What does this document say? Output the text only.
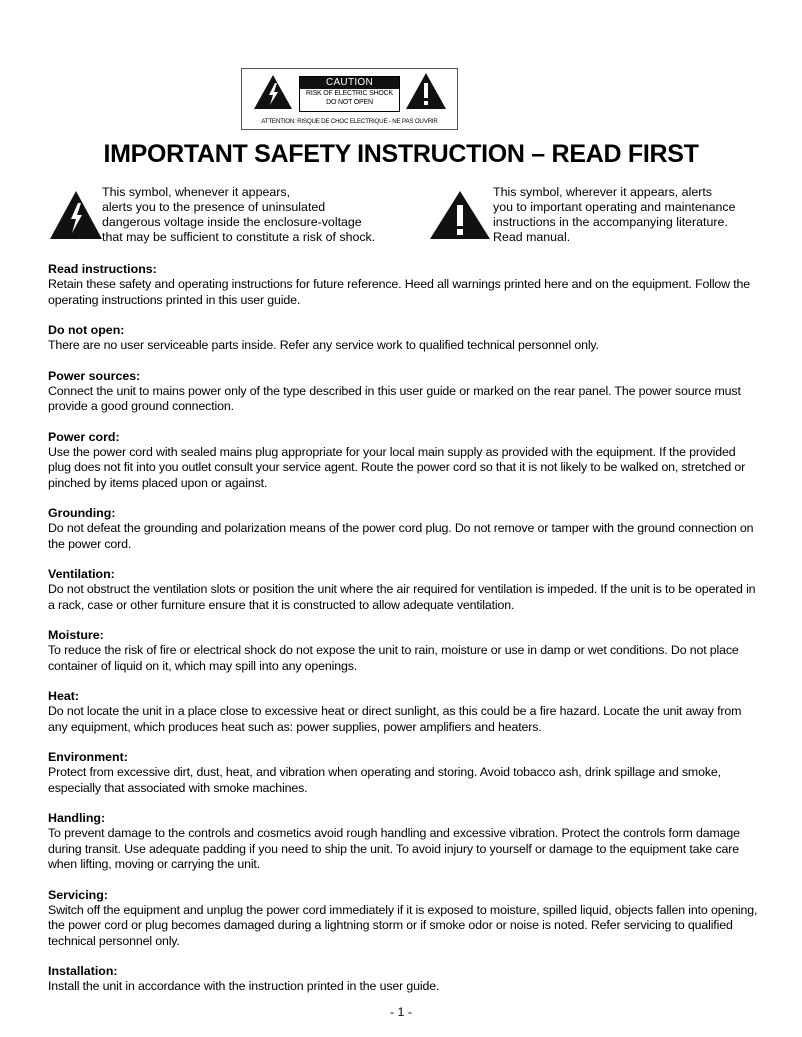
CAUTION
RISK OF ELECTRIC SHOCK
DO NOT OPEN
ATTENTION: RISQUE DE CHOC ELECTRIQUE - NE PAS OUVRIR
IMPORTANT SAFETY INSTRUCTION – READ FIRST
This symbol, whenever it appears,
alerts you to the presence of uninsulated
dangerous voltage inside the enclosure-voltage
that may be sufficient to constitute a risk of shock.
This symbol, wherever it appears, alerts
you to important operating and maintenance
instructions in the accompanying literature.
Read manual.
Read instructions:
Retain these safety and operating instructions for future reference. Heed all warnings printed here and on the equipment. Follow the operating instructions printed in this user guide.
Do not open:
There are no user serviceable parts inside. Refer any service work to qualified technical personnel only.
Power sources:
Connect the unit to mains power only of the type described in this user guide or marked on the rear panel. The power source must provide a good ground connection.
Power cord:
Use the power cord with sealed mains plug appropriate for your local main supply as provided with the equipment. If the provided plug does not fit into you outlet consult your service agent. Route the power cord so that it is not likely to be walked on, stretched or pinched by items placed upon or against.
Grounding:
Do not defeat the grounding and polarization means of the power cord plug. Do not remove or tamper with the ground connection on the power cord.
Ventilation:
Do not obstruct the ventilation slots or position the unit where the air required for ventilation is impeded. If the unit is to be operated in a rack, case or other furniture ensure that it is constructed to allow adequate ventilation.
Moisture:
To reduce the risk of fire or electrical shock do not expose the unit to rain, moisture or use in damp or wet conditions. Do not place container of liquid on it, which may spill into any openings.
Heat:
Do not locate the unit in a place close to excessive heat or direct sunlight, as this could be a fire hazard. Locate the unit away from any equipment, which produces heat such as: power supplies, power amplifiers and heaters.
Environment:
Protect from excessive dirt, dust, heat, and vibration when operating and storing. Avoid tobacco ash, drink spillage and smoke, especially that associated with smoke machines.
Handling:
To prevent damage to the controls and cosmetics avoid rough handling and excessive vibration. Protect the controls form damage during transit. Use adequate padding if you need to ship the unit. To avoid injury to yourself or damage to the equipment take care when lifting, moving or carrying the unit.
Servicing:
Switch off the equipment and unplug the power cord immediately if it is exposed to moisture, spilled liquid, objects fallen into opening, the power cord or plug becomes damaged during a lightning storm or if smoke odor or noise is noted. Refer servicing to qualified technical personnel only.
Installation:
Install the unit in accordance with the instruction printed in the user guide.
- 1 -
